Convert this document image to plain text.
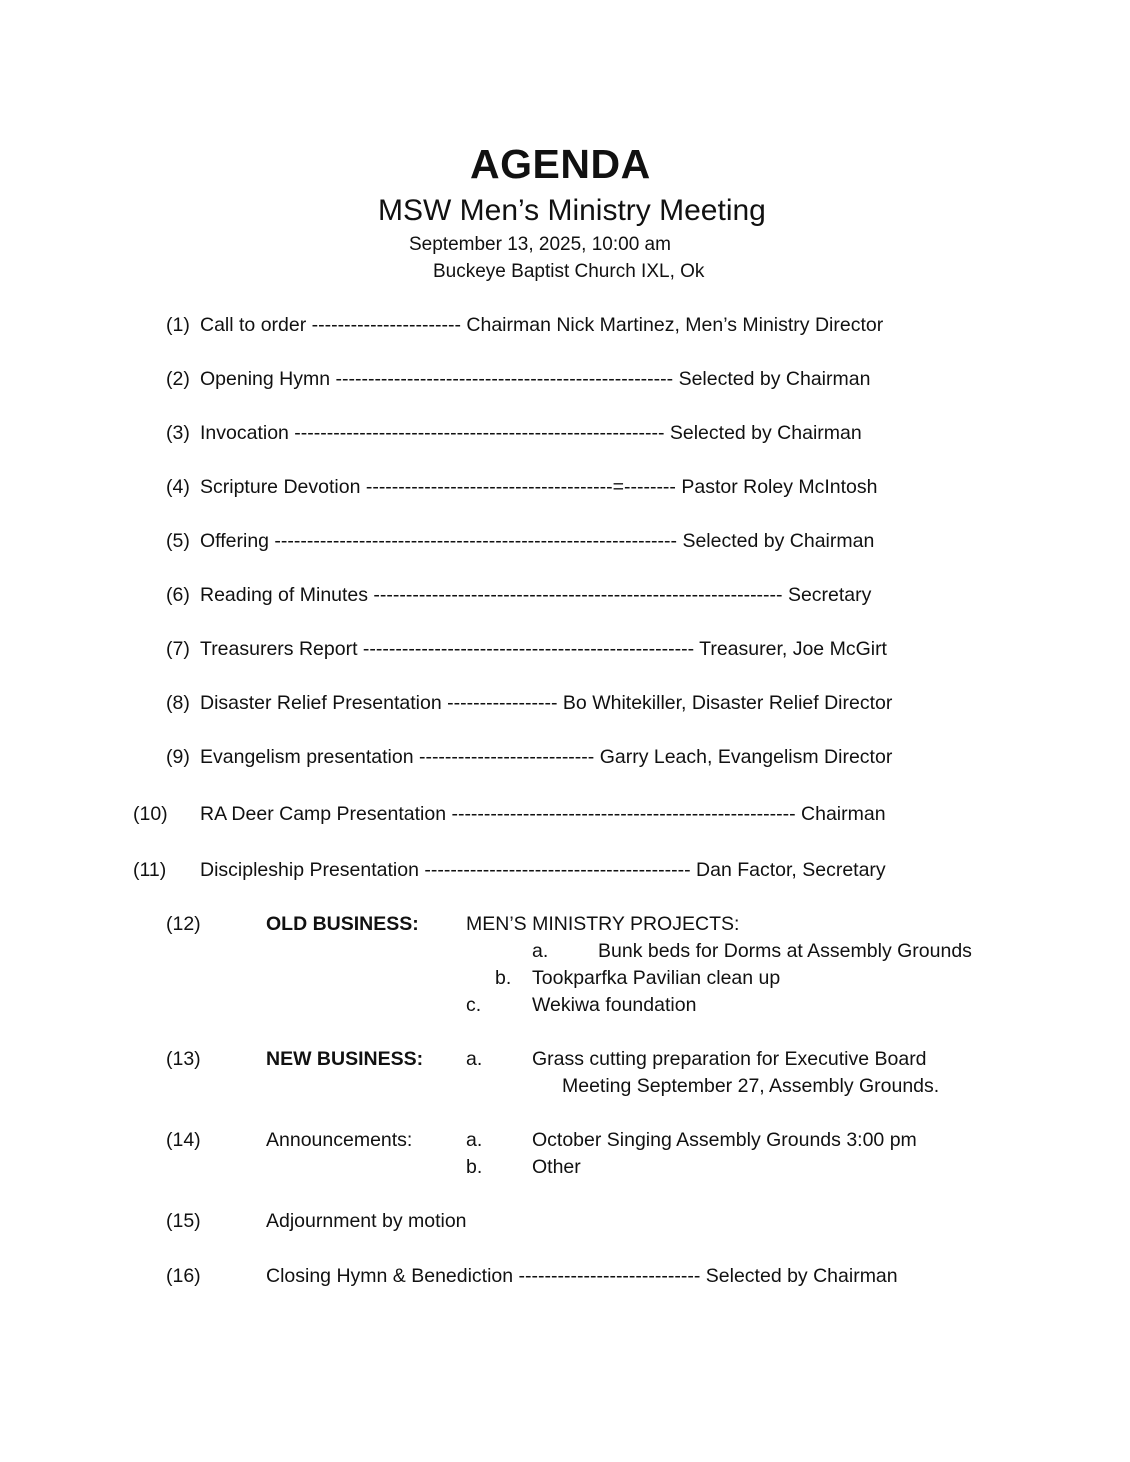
AGENDA
MSW Men’s Ministry Meeting
September 13, 2025, 10:00 am
Buckeye Baptist Church IXL, Ok
(1) Call to order ----------------------- Chairman Nick Martinez, Men’s Ministry Director
(2) Opening Hymn ---------------------------------------------------- Selected by Chairman
(3) Invocation --------------------------------------------------------- Selected by Chairman
(4) Scripture Devotion --------------------------------------=-------- Pastor Roley McIntosh
(5) Offering -------------------------------------------------------------- Selected by Chairman
(6) Reading of Minutes --------------------------------------------------------------- Secretary
(7) Treasurers Report --------------------------------------------------- Treasurer, Joe McGirt
(8) Disaster Relief Presentation ----------------- Bo Whitekiller, Disaster Relief Director
(9) Evangelism presentation --------------------------- Garry Leach, Evangelism Director
(10) RA Deer Camp Presentation ----------------------------------------------------- Chairman
(11) Discipleship Presentation ----------------------------------------- Dan Factor, Secretary
(12)	OLD BUSINESS: MEN’S MINISTRY PROJECTS:
a.	Bunk beds for Dorms at Assembly Grounds
b. Tookparfka Pavilian clean up
c.	Wekiwa foundation
(13)	NEW BUSINESS: a.	Grass cutting preparation for Executive Board
Meeting September 27, Assembly Grounds.
(14)	Announcements:	a.	October Singing Assembly Grounds 3:00 pm
b.	Other
(15)	Adjournment by motion
(16)	Closing Hymn & Benediction ---------------------------- Selected by Chairman
